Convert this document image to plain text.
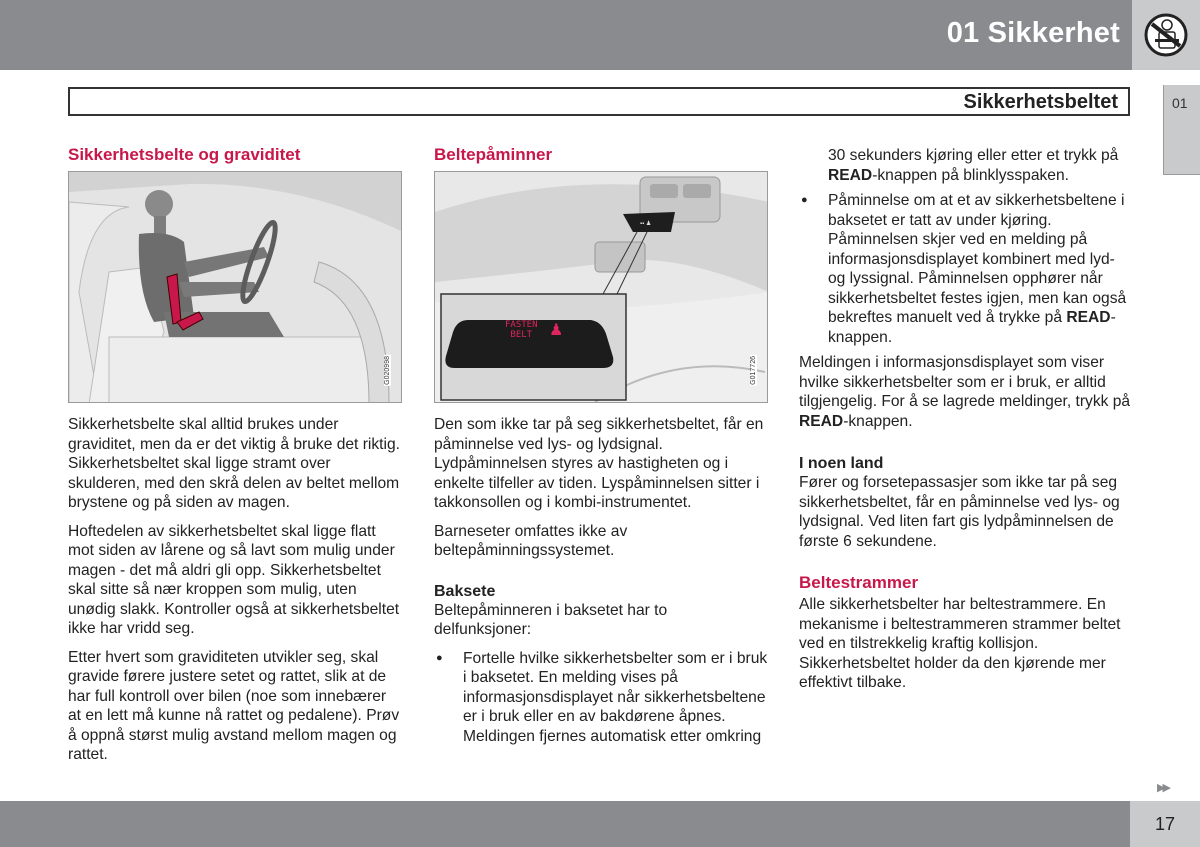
01 Sikkerhet
Sikkerhetsbeltet	01
Sikkerhetsbelte og graviditet
G020998

Sikkerhetsbelte skal alltid brukes under graviditet, men da er det viktig å bruke det riktig. Sikkerhetsbeltet skal ligge stramt over skulderen, med den skrå delen av beltet mellom brystene og på siden av magen.

Hoftedelen av sikkerhetsbeltet skal ligge flatt mot siden av lårene og så lavt som mulig under magen - det må aldri gli opp. Sikkerhetsbeltet skal sitte så nær kroppen som mulig, uten unødig slakk. Kontroller også at sikkerhetsbeltet ikke har vridd seg.

Etter hvert som graviditeten utvikler seg, skal gravide førere justere setet og rattet, slik at de har full kontroll over bilen (noe som innebærer at en lett må kunne nå rattet og pedalene). Prøv å oppnå størst mulig avstand mellom magen og rattet.

Beltepåminner
▪▪ ♟
FASTEN
BELT	♟
G017726

Den som ikke tar på seg sikkerhetsbeltet, får en påminnelse ved lys- og lydsignal. Lydpåminnelsen styres av hastigheten og i enkelte tilfeller av tiden. Lyspåminnelsen sitter i takkonsollen og i kombi-instrumentet.

Barneseter omfattes ikke av beltepåminningssystemet.

Baksete

Beltepåminneren i baksetet har to delfunksjoner:

● Fortelle hvilke sikkerhetsbelter som er i bruk i baksetet. En melding vises på informasjonsdisplayet når sikkerhetsbeltene er i bruk eller en av bakdørene åpnes. Meldingen fjernes automatisk etter omkring
30 sekunders kjøring eller etter et trykk på READ-knappen på blinklysspaken.
● Påminnelse om at et av sikkerhetsbeltene i baksetet er tatt av under kjøring. Påminnelsen skjer ved en melding på informasjonsdisplayet kombinert med lyd- og lyssignal. Påminnelsen opphører når sikkerhetsbeltet festes igjen, men kan også bekreftes manuelt ved å trykke på READ-knappen.

Meldingen i informasjonsdisplayet som viser hvilke sikkerhetsbelter som er i bruk, er alltid tilgjengelig. For å se lagrede meldinger, trykk på READ-knappen.

I noen land

Fører og forsetepassasjer som ikke tar på seg sikkerhetsbeltet, får en påminnelse ved lys- og lydsignal. Ved liten fart gis lydpåminnelsen de første 6 sekundene.

Beltestrammer

Alle sikkerhetsbelter har beltestrammere. En mekanisme i beltestrammeren strammer beltet ved en tilstrekkelig kraftig kollisjon. Sikkerhetsbeltet holder da den kjørende mer effektivt tilbake.

▶▶
17
